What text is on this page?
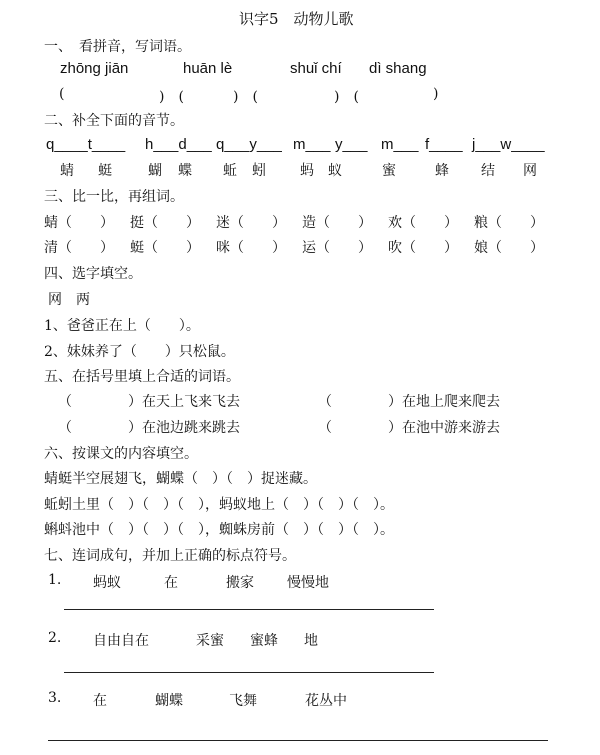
识字5　动物儿歌
一、　看拼音，写词语。
zhōng jiān	huān lè	shuǐ chí dì shang
(	)　(	)　(	)　(	)
二、补全下面的音节。
q____t____ h___d___ q___y___ m___ y___ m___ f____ j___w____
蜻 蜓	蝴 蝶 蚯 蚓 蚂 蚁	蜜	蜂 结 网
三、比一比，再组词。
蜻（　　） 挺（　　） 迷（　　） 造（　　） 欢（　　） 粮（　　）
清（　　） 蜓（　　） 咪（　　） 运（　　） 吹（　　） 娘（　　）
四、选字填空。
网　两
1、爸爸正在上（　　）。
2、妹妹养了（　　）只松鼠。
五、在括号里填上合适的词语。
（　　　　）在天上飞来飞去	（　　　　）在地上爬来爬去
（　　　　）在池边跳来跳去	（　　　　）在池中游来游去
六、按课文的内容填空。
蜻蜓半空展翅飞，蝴蝶（　）（　）捉迷藏。
蚯蚓土里（　）（　）（　），蚂蚁地上（　）（　）（　）。
蝌蚪池中（　）（　）（　），蜘蛛房前（　）（　）（　）。
七、连词成句，并加上正确的标点符号。
1. 蚂蚁	在	搬家 慢慢地
2. 自由自在	采蜜 蜜蜂 地
3. 在	蝴蝶	飞舞	花丛中
